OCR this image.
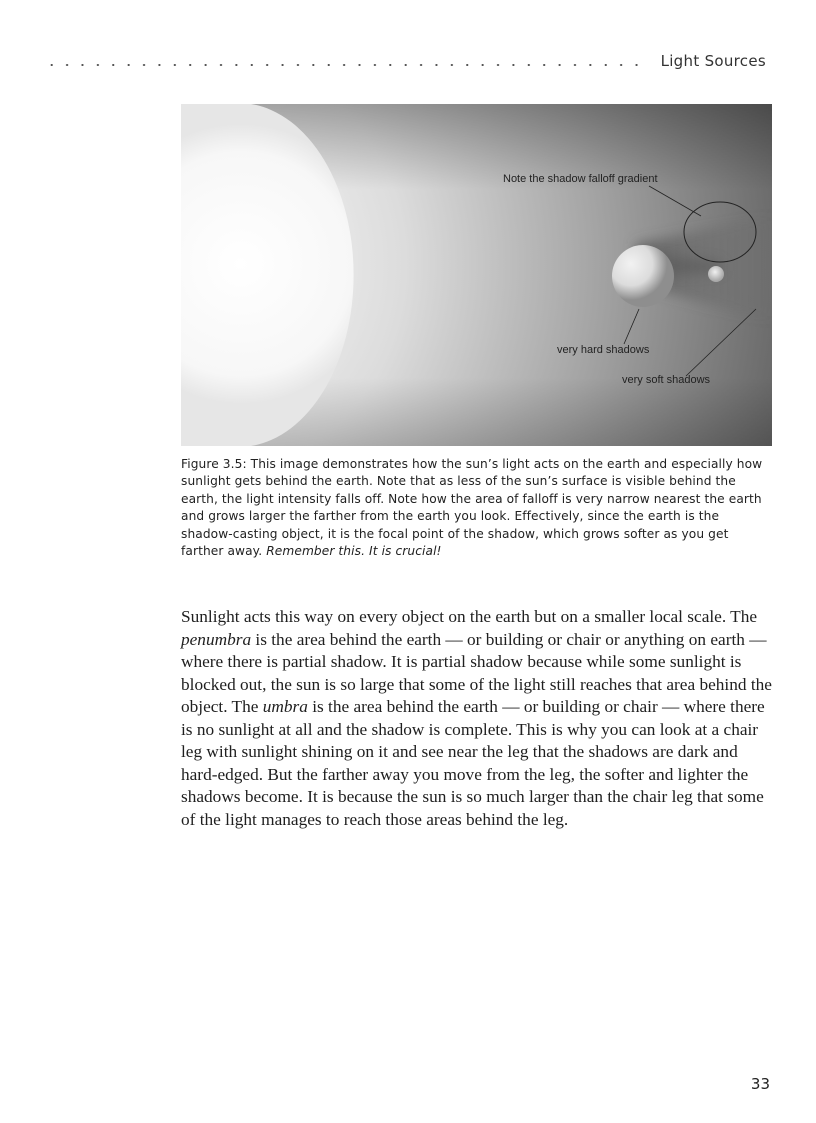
Light Sources
Note the shadow falloff gradient
very hard shadows
very soft shadows
Figure 3.5: This image demonstrates how the sun’s light acts on the earth and especially how sunlight gets behind the earth. Note that as less of the sun’s surface is visible behind the earth, the light intensity falls off. Note how the area of falloff is very narrow nearest the earth and grows larger the farther from the earth you look. Effectively, since the earth is the shadow-casting object, it is the focal point of the shadow, which grows softer as you get farther away. Remember this. It is crucial!
Sunlight acts this way on every object on the earth but on a smaller local scale. The penumbra is the area behind the earth — or building or chair or anything on earth — where there is partial shadow. It is partial shadow because while some sunlight is blocked out, the sun is so large that some of the light still reaches that area behind the object. The umbra is the area behind the earth — or building or chair — where there is no sunlight at all and the shadow is complete. This is why you can look at a chair leg with sunlight shining on it and see near the leg that the shadows are dark and hard-edged. But the farther away you move from the leg, the softer and lighter the shadows become. It is because the sun is so much larger than the chair leg that some of the light manages to reach those areas behind the leg.
33
